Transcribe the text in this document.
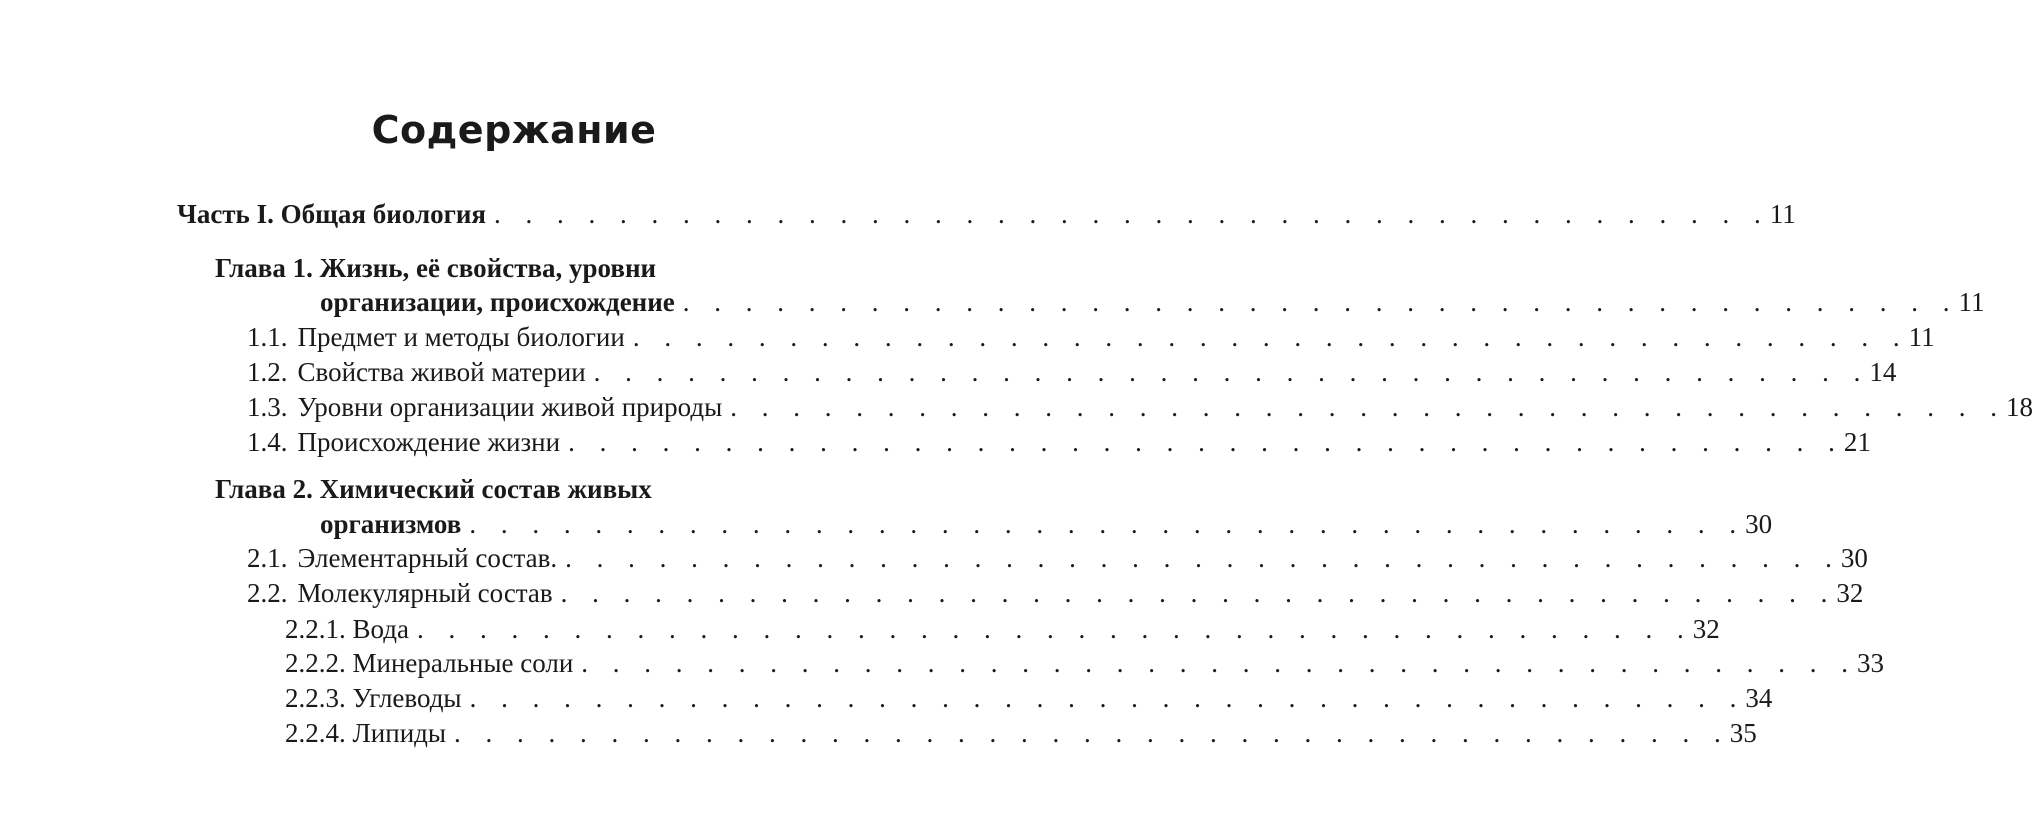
Содержание
Часть I. Общая биология . . . . . . . . . . . . . . . . . . . . . . . . . . . . . . . . . . . . . . . . . 11
Глава 1. Жизнь, её свойства, уровни
организации, происхождение . . . . . . . . . . . . . . . . . . . . . . . . . . . . . . . . . . . . . . . . . 11
1.1. Предмет и методы биологии . . . . . . . . . . . . . . . . . . . . . . . . . . . . . . . . . . . . . . . . . 11
1.2. Свойства живой материи . . . . . . . . . . . . . . . . . . . . . . . . . . . . . . . . . . . . . . . . . 14
1.3. Уровни организации живой природы . . . . . . . . . . . . . . . . . . . . . . . . . . . . . . . . . . . . . . . . . 18
1.4. Происхождение жизни . . . . . . . . . . . . . . . . . . . . . . . . . . . . . . . . . . . . . . . . . 21
Глава 2. Химический состав живых
организмов . . . . . . . . . . . . . . . . . . . . . . . . . . . . . . . . . . . . . . . . . 30
2.1. Элементарный состав. . . . . . . . . . . . . . . . . . . . . . . . . . . . . . . . . . . . . . . . . . 30
2.2. Молекулярный состав . . . . . . . . . . . . . . . . . . . . . . . . . . . . . . . . . . . . . . . . . 32
2.2.1. Вода . . . . . . . . . . . . . . . . . . . . . . . . . . . . . . . . . . . . . . . . . 32
2.2.2. Минеральные соли . . . . . . . . . . . . . . . . . . . . . . . . . . . . . . . . . . . . . . . . . 33
2.2.3. Углеводы . . . . . . . . . . . . . . . . . . . . . . . . . . . . . . . . . . . . . . . . . 34
2.2.4. Липиды . . . . . . . . . . . . . . . . . . . . . . . . . . . . . . . . . . . . . . . . . 35
